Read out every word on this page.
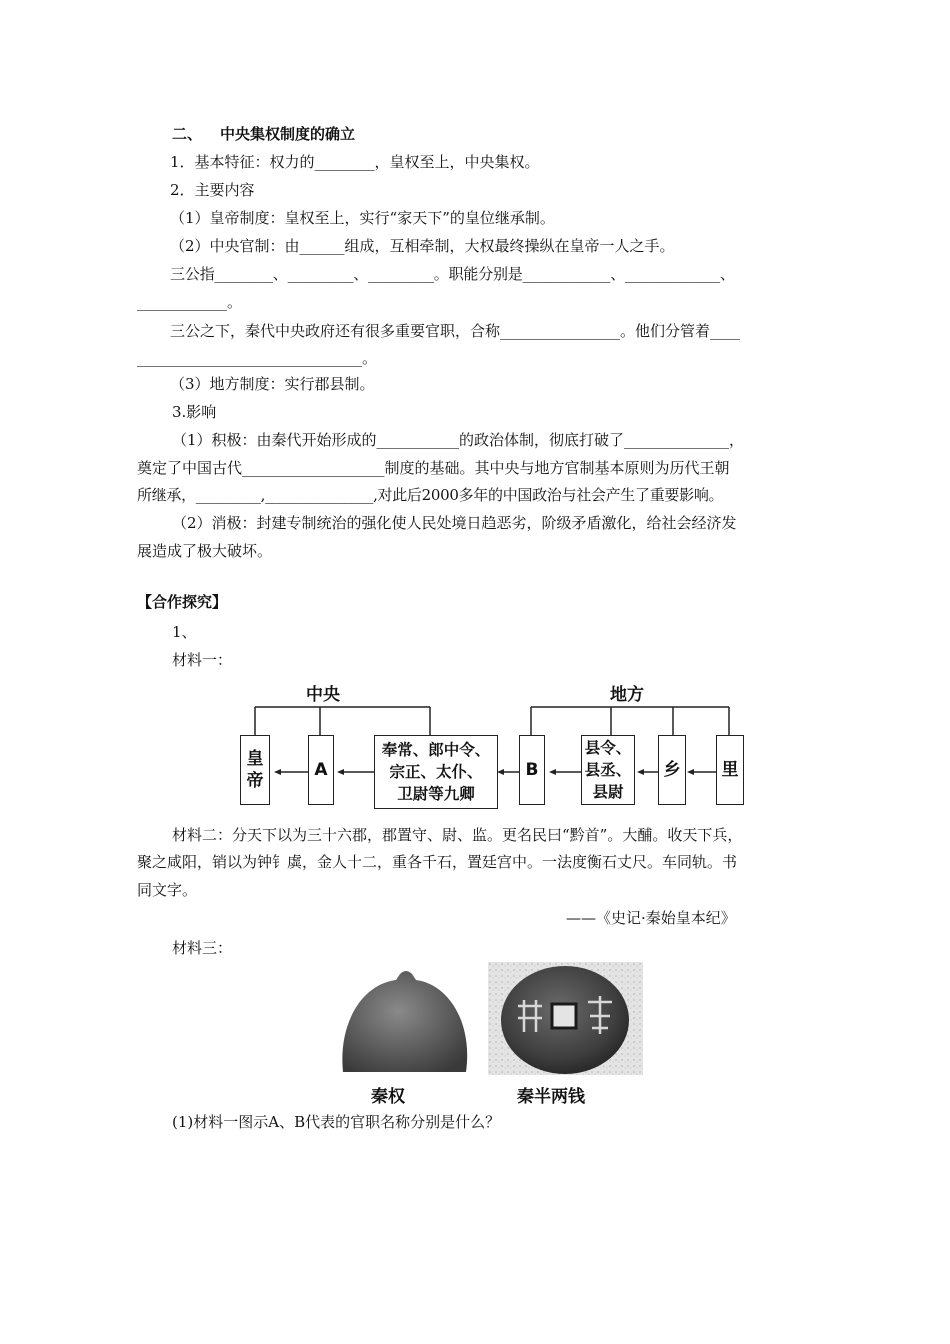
二、 中央集权制度的确立
1．基本特征：权力的________，皇权至上，中央集权。
2．主要内容
（1）皇帝制度：皇权至上，实行“家天下”的皇位继承制。
（2）中央官制：由______组成，互相牵制，大权最终操纵在皇帝一人之手。
三公指________、_________、_________。职能分别是____________、_____________、
____________。
三公之下，秦代中央政府还有很多重要官职，合称________________。他们分管着____
______________________________。
（3）地方制度：实行郡县制。
3.影响
（1）积极：由秦代开始形成的___________的政治体制，彻底打破了______________，
奠定了中国古代___________________制度的基础。其中央与地方官制基本原则为历代王朝
所继承，_________,_______________,对此后2000多年的中国政治与社会产生了重要影响。
（2）消极：封建专制统治的强化使人民处境日趋恶劣，阶级矛盾激化，给社会经济发
展造成了极大破坏。
【合作探究】
1、
材料一：
中央	地方
皇帝
A
奉常、郎中令、
宗正、太仆、
卫尉等九卿
B
县令、
县丞、
县尉
乡 里
材料二：分天下以为三十六郡，郡置守、尉、监。更名民曰“黔首”。大酺。收天下兵，
聚之咸阳，销以为钟钅虡，金人十二，重各千石，置廷宫中。一法度衡石丈尺。车同轨。书
同文字。
——《史记·秦始皇本纪》
材料三：
秦权	秦半两钱
(1)材料一图示A、B代表的官职名称分别是什么？
